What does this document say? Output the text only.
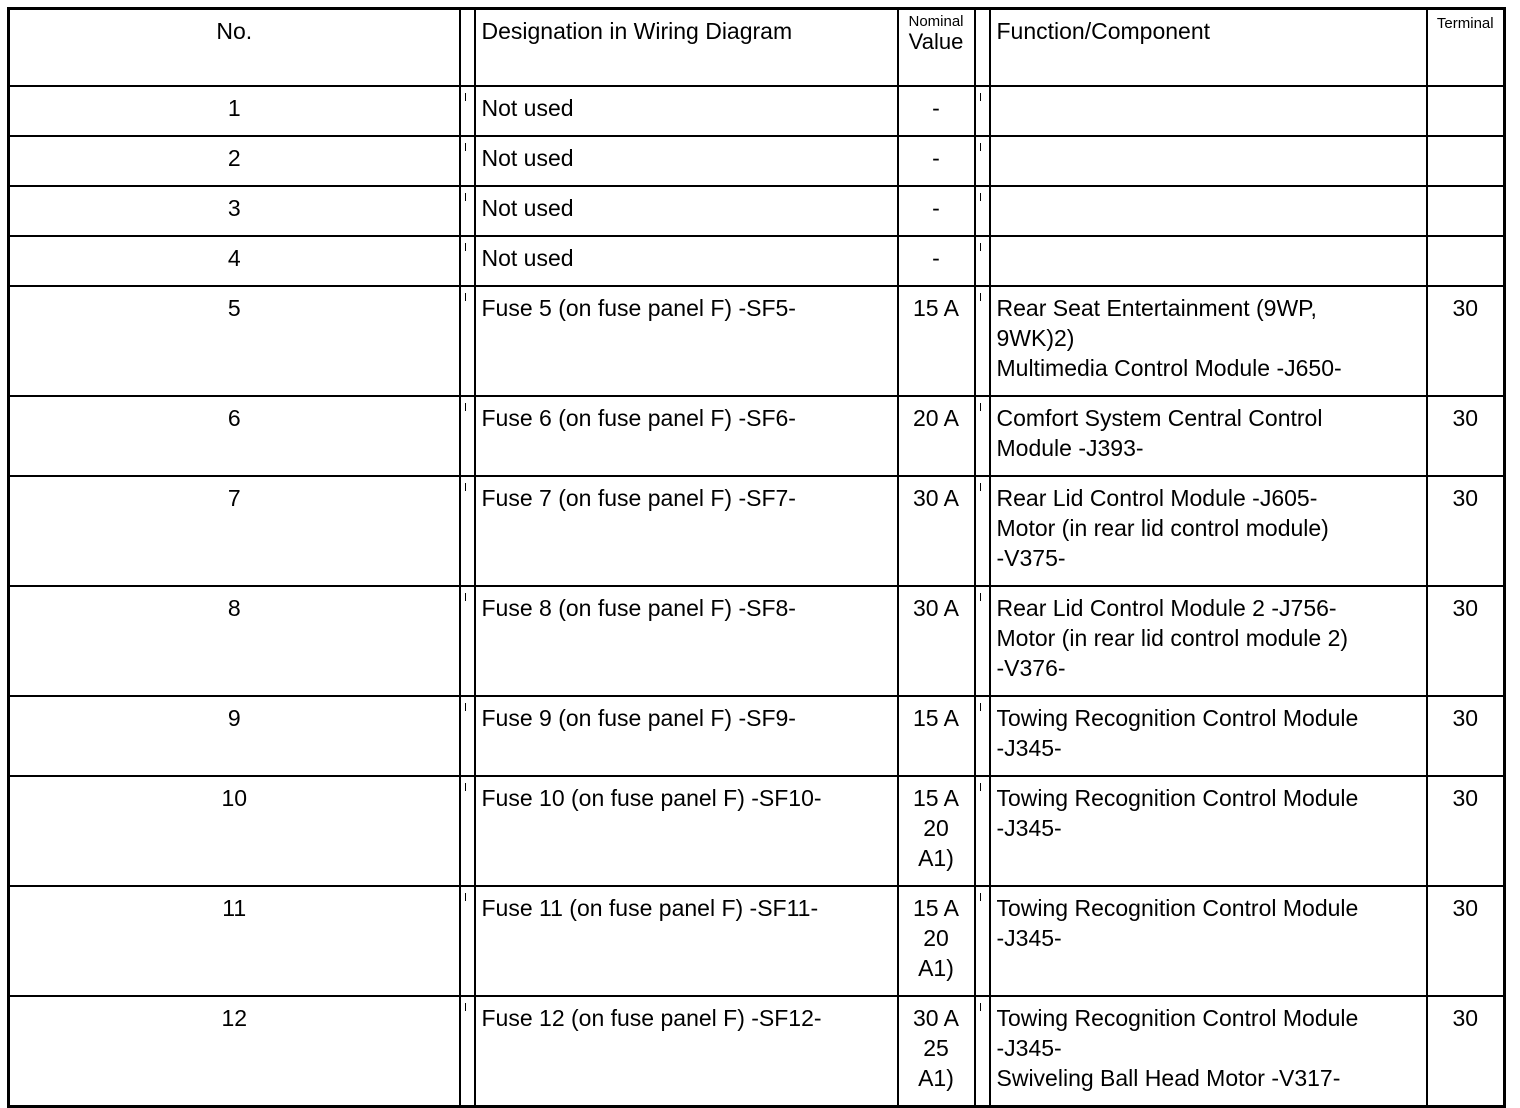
No.		Designation in Wiring Diagram	Nominal
Value		Function/Component	Terminal
1		Not used	-	

2		Not used	-	

3		Not used	-	

4		Not used	-	

5		Fuse 5 (on fuse panel F) -SF5-	15 A		Rear Seat Entertainment (9WP,
9WK)2)
Multimedia Control Module -J650-	30
6		Fuse 6 (on fuse panel F) -SF6-	20 A		Comfort System Central Control
Module -J393-	30
7		Fuse 7 (on fuse panel F) -SF7-	30 A		Rear Lid Control Module -J605-
Motor (in rear lid control module)
-V375-	30
8		Fuse 8 (on fuse panel F) -SF8-	30 A		Rear Lid Control Module 2 -J756-
Motor (in rear lid control module 2)
-V376-	30
9		Fuse 9 (on fuse panel F) -SF9-	15 A		Towing Recognition Control Module
-J345-	30
10		Fuse 10 (on fuse panel F) -SF10-	15 A
20
A1)		Towing Recognition Control Module
-J345-	30
11		Fuse 11 (on fuse panel F) -SF11-	15 A
20
A1)		Towing Recognition Control Module
-J345-	30
12		Fuse 12 (on fuse panel F) -SF12-	30 A
25
A1)		Towing Recognition Control Module
-J345-
Swiveling Ball Head Motor -V317-	30
